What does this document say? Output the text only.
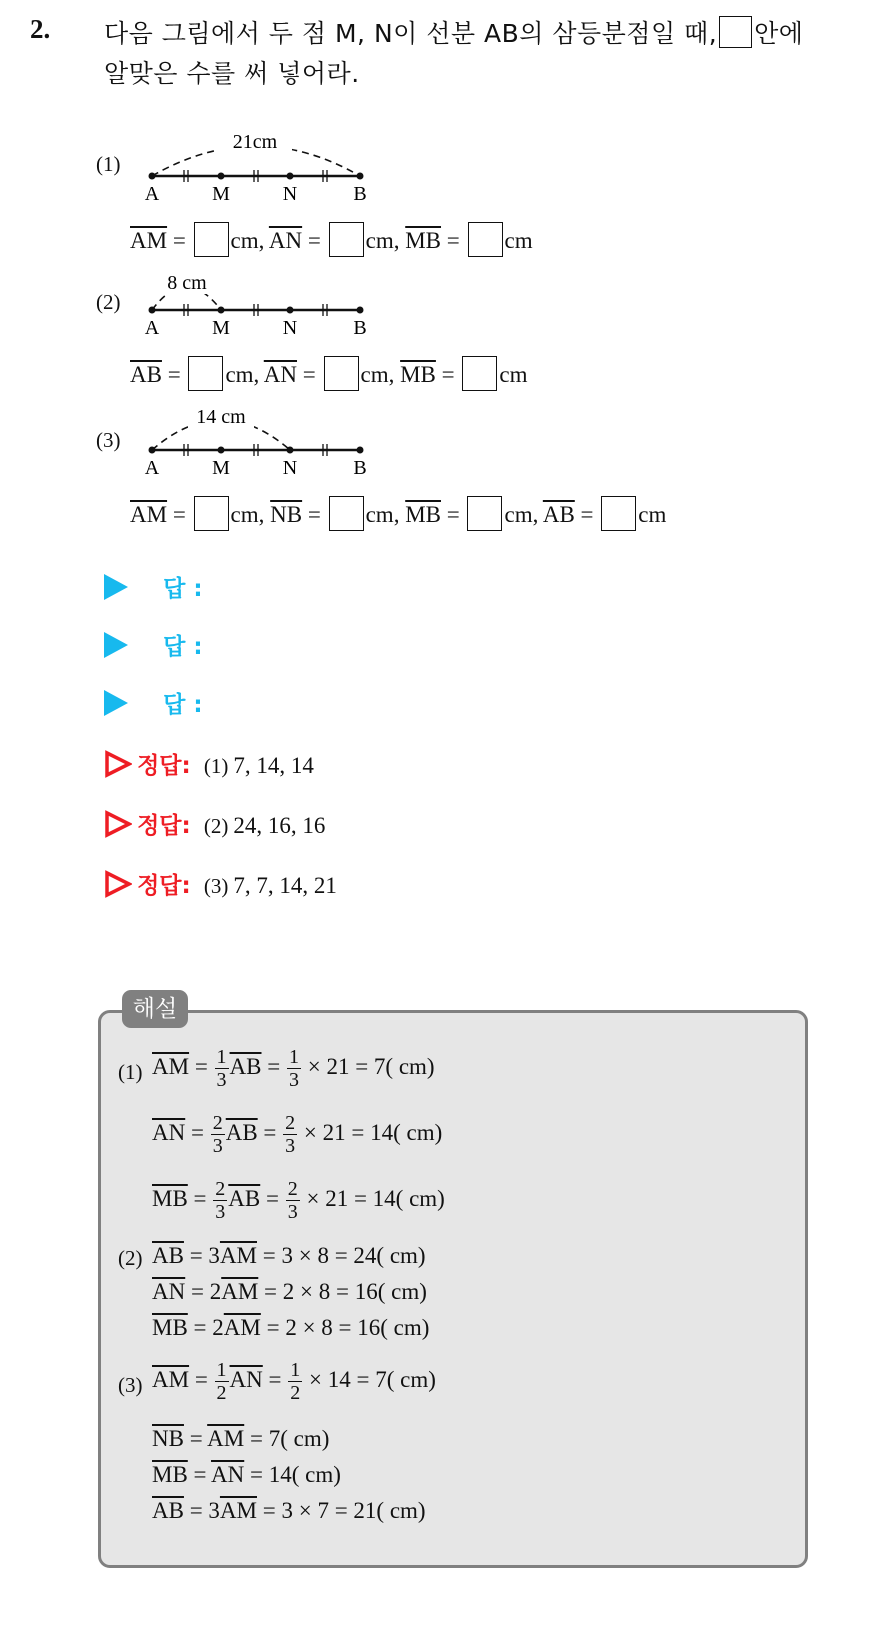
2. 다음 그림에서 두 점 M, N이 선분 AB의 삼등분점일 때, 안에
알맞은 수를 써 넣어라.
(1)
21cm
A	M	N	B
$\overline{AM}$ = cm, $\overline{AN}$ = cm, $\overline{MB}$ = cm
(2)
8 cm
A	M	N	B
$\overline{AB}$ = cm, $\overline{AN}$ = cm, $\overline{MB}$ = cm
(3)
14 cm
A	M	N	B
$\overline{AM}$ = cm, $\overline{NB}$ = cm, $\overline{MB}$ = cm, $\overline{AB}$ = cm
답 :
답 :
답 :
정답: (1) 7, 14, 14
정답: (2) 24, 16, 16
정답: (3) 7, 7, 14, 21
해설
(1) $\overline{AM} = \frac{1}{3} \overline{AB} = \frac{1}{3} \times 21 = 7$( cm)
$\overline{AN} = \frac{2}{3} \overline{AB} = \frac{2}{3} \times 21 = 14$( cm)
$\overline{MB} = \frac{2}{3} \overline{AB} = \frac{2}{3} \times 21 = 14$( cm)
(2) $\overline{AB} = 3\overline{AM} = 3 \times 8 = 24$( cm)
$\overline{AN} = 2\overline{AM} = 2 \times 8 = 16$( cm)
$\overline{MB} = 2\overline{AM} = 2 \times 8 = 16$( cm)
(3) $\overline{AM} = \frac{1}{2} \overline{AN} = \frac{1}{2} \times 14 = 7$( cm)
$\overline{NB} = \overline{AM} = 7$( cm)
$\overline{MB} = \overline{AN} = 14$( cm)
$\overline{AB} = 3\overline{AM} = 3 \times 7 = 21$( cm)
